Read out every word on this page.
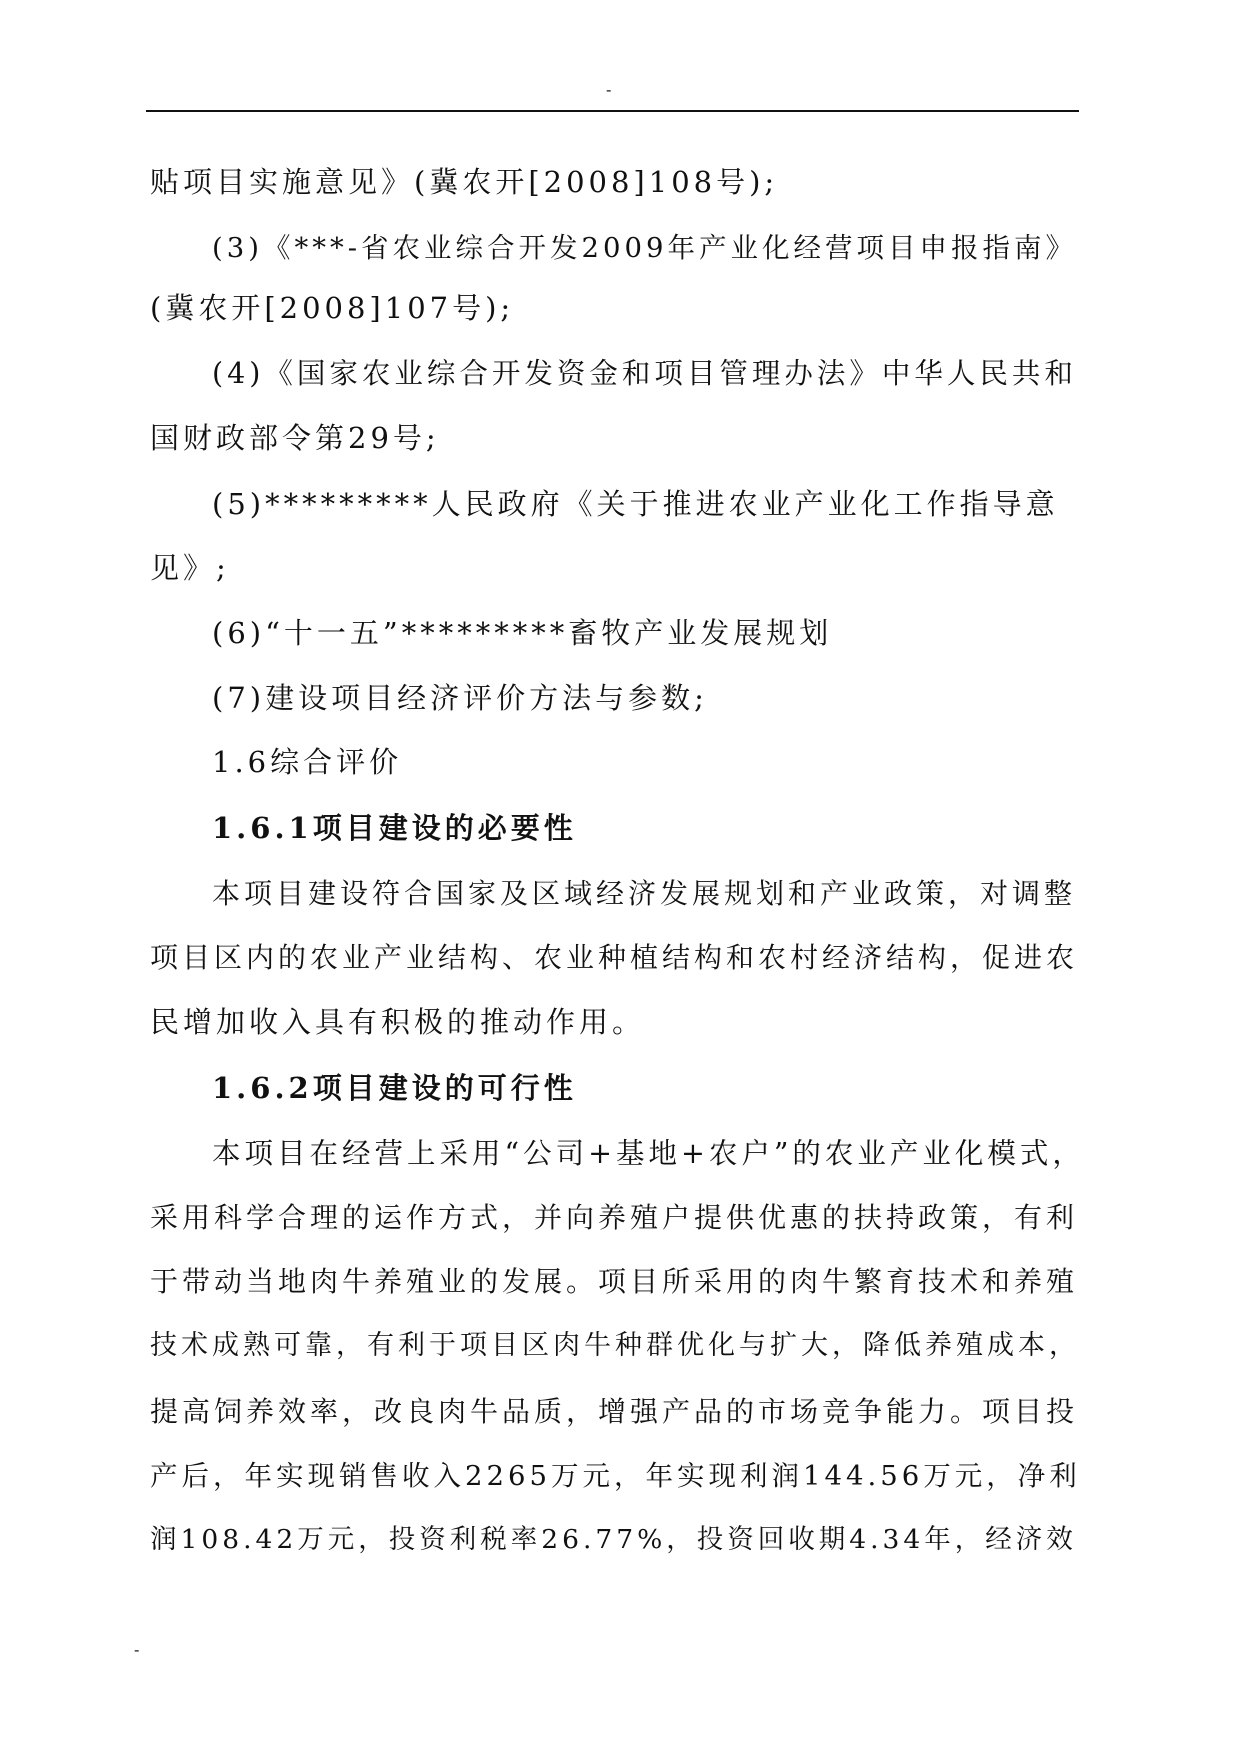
-
贴项目实施意见》(冀农开[2008]108号);
(3)《***-省农业综合开发2009年产业化经营项目申报指南》
(冀农开[2008]107号);
(4)《国家农业综合开发资金和项目管理办法》中华人民共和
国财政部令第29号;
(5)*********人民政府《关于推进农业产业化工作指导意
见》;
(6)“十一五”*********畜牧产业发展规划
(7)建设项目经济评价方法与参数;
1.6综合评价
1.6.1项目建设的必要性
本项目建设符合国家及区域经济发展规划和产业政策，对调整
项目区内的农业产业结构、农业种植结构和农村经济结构，促进农
民增加收入具有积极的推动作用。
1.6.2项目建设的可行性
本项目在经营上采用“公司+基地+农户”的农业产业化模式，
采用科学合理的运作方式，并向养殖户提供优惠的扶持政策，有利
于带动当地肉牛养殖业的发展。项目所采用的肉牛繁育技术和养殖
技术成熟可靠，有利于项目区肉牛种群优化与扩大，降低养殖成本，
提高饲养效率，改良肉牛品质，增强产品的市场竞争能力。项目投
产后，年实现销售收入2265万元，年实现利润144.56万元，净利
润108.42万元，投资利税率26.77%，投资回收期4.34年，经济效
-
